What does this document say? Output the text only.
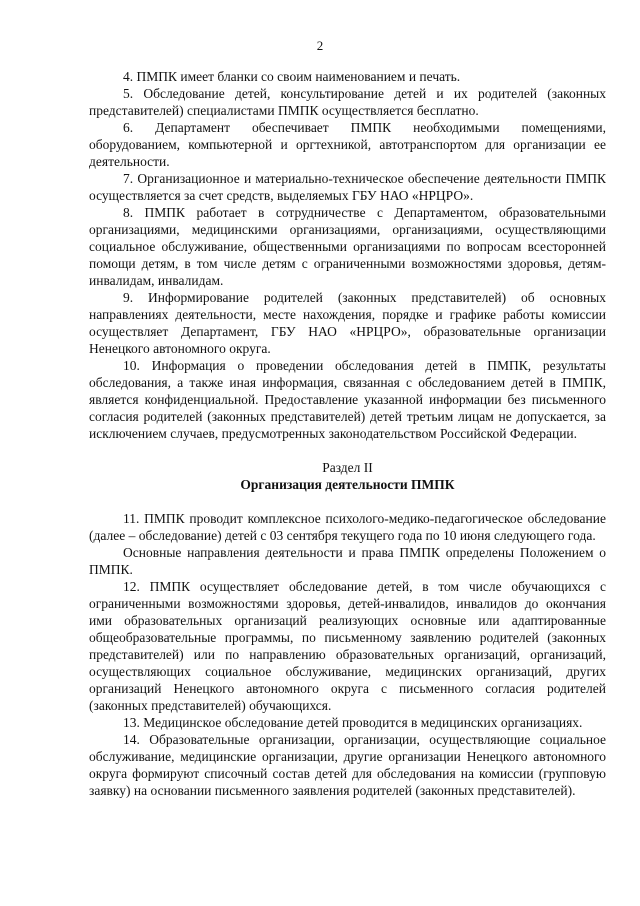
2

4. ПМПК имеет бланки со своим наименованием и печать.

5. Обследование детей, консультирование детей и их родителей (законных представителей) специалистами ПМПК осуществляется бесплатно.

6. Департамент обеспечивает ПМПК необходимыми помещениями, оборудованием, компьютерной и оргтехникой, автотранспортом для организации ее деятельности.

7. Организационное и материально-техническое обеспечение деятельности ПМПК осуществляется за счет средств, выделяемых ГБУ НАО «НРЦРО».

8. ПМПК работает в сотрудничестве с Департаментом, образовательными организациями, медицинскими организациями, организациями, осуществляющими социальное обслуживание, общественными организациями по вопросам всесторонней помощи детям, в том числе детям с ограниченными возможностями здоровья, детям-инвалидам, инвалидам.

9. Информирование родителей (законных представителей) об основных направлениях деятельности, месте нахождения, порядке и графике работы комиссии осуществляет Департамент, ГБУ НАО «НРЦРО», образовательные организации Ненецкого автономного округа.

10. Информация о проведении обследования детей в ПМПК, результаты обследования, а также иная информация, связанная с обследованием детей в ПМПК, является конфиденциальной. Предоставление указанной информации без письменного согласия родителей (законных представителей) детей третьим лицам не допускается, за исключением случаев, предусмотренных законодательством Российской Федерации.

Раздел II

Организация деятельности ПМПК

11. ПМПК проводит комплексное психолого-медико-педагогическое обследование (далее – обследование) детей с 03 сентября текущего года по 10 июня следующего года.

Основные направления деятельности и права ПМПК определены Положением о ПМПК.

12. ПМПК осуществляет обследование детей, в том числе обучающихся с ограниченными возможностями здоровья, детей-инвалидов, инвалидов до окончания ими образовательных организаций реализующих основные или адаптированные общеобразовательные программы, по письменному заявлению родителей (законных представителей) или по направлению образовательных организаций, организаций, осуществляющих социальное обслуживание, медицинских организаций, других организаций Ненецкого автономного округа с письменного согласия родителей (законных представителей) обучающихся.

13. Медицинское обследование детей проводится в медицинских организациях.

14. Образовательные организации, организации, осуществляющие социальное обслуживание, медицинские организации, другие организации Ненецкого автономного округа формируют списочный состав детей для обследования на комиссии (групповую заявку) на основании письменного заявления родителей (законных представителей).
